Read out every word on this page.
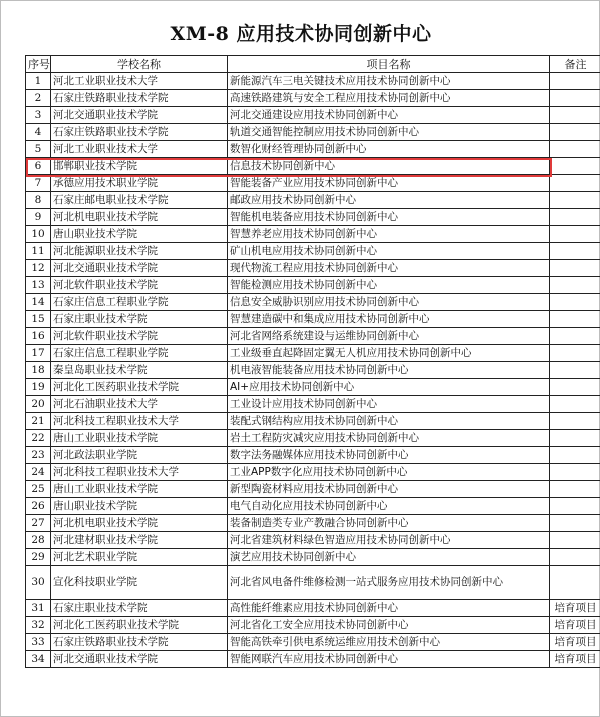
XM-8 应用技术协同创新中心
序号	学校名称	项目名称	备注
1	河北工业职业技术大学	新能源汽车三电关键技术应用技术协同创新中心	
2	石家庄铁路职业技术学院	高速铁路建筑与安全工程应用技术协同创新中心	
3	河北交通职业技术学院	河北交通建设应用技术协同创新中心	
4	石家庄铁路职业技术学院	轨道交通智能控制应用技术协同创新中心	
5	河北工业职业技术大学	数智化财经管理协同创新中心	
6	邯郸职业技术学院	信息技术协同创新中心	
7	承德应用技术职业学院	智能装备产业应用技术协同创新中心	
8	石家庄邮电职业技术学院	邮政应用技术协同创新中心	
9	河北机电职业技术学院	智能机电装备应用技术协同创新中心	
10	唐山职业技术学院	智慧养老应用技术协同创新中心	
11	河北能源职业技术学院	矿山机电应用技术协同创新中心	
12	河北交通职业技术学院	现代物流工程应用技术协同创新中心	
13	河北软件职业技术学院	智能检测应用技术协同创新中心	
14	石家庄信息工程职业学院	信息安全威胁识别应用技术协同创新中心	
15	石家庄职业技术学院	智慧建造碳中和集成应用技术协同创新中心	
16	河北软件职业技术学院	河北省网络系统建设与运维协同创新中心	
17	石家庄信息工程职业学院	工业级垂直起降固定翼无人机应用技术协同创新中心	
18	秦皇岛职业技术学院	机电液智能装备应用技术协同创新中心	
19	河北化工医药职业技术学院	AI+应用技术协同创新中心	
20	河北石油职业技术大学	工业设计应用技术协同创新中心	
21	河北科技工程职业技术大学	装配式钢结构应用技术协同创新中心	
22	唐山工业职业技术学院	岩土工程防灾减灾应用技术协同创新中心	
23	河北政法职业学院	数字法务融媒体应用技术协同创新中心	
24	河北科技工程职业技术大学	工业APP数字化应用技术协同创新中心	
25	唐山工业职业技术学院	新型陶瓷材料应用技术协同创新中心	
26	唐山职业技术学院	电气自动化应用技术协同创新中心	
27	河北机电职业技术学院	装备制造类专业产教融合协同创新中心	
28	河北建材职业技术学院	河北省建筑材料绿色智造应用技术协同创新中心	
29	河北艺术职业学院	演艺应用技术协同创新中心	
30	宣化科技职业学院	河北省风电备件维修检测一站式服务应用技术协同创新中心	
31	石家庄职业技术学院	高性能纤维素应用技术协同创新中心	培育项目
32	河北化工医药职业技术学院	河北省化工安全应用技术协同创新中心	培育项目
33	石家庄铁路职业技术学院	智能高铁牵引供电系统运维应用技术创新中心	培育项目
34	河北交通职业技术学院	智能网联汽车应用技术协同创新中心	培育项目
